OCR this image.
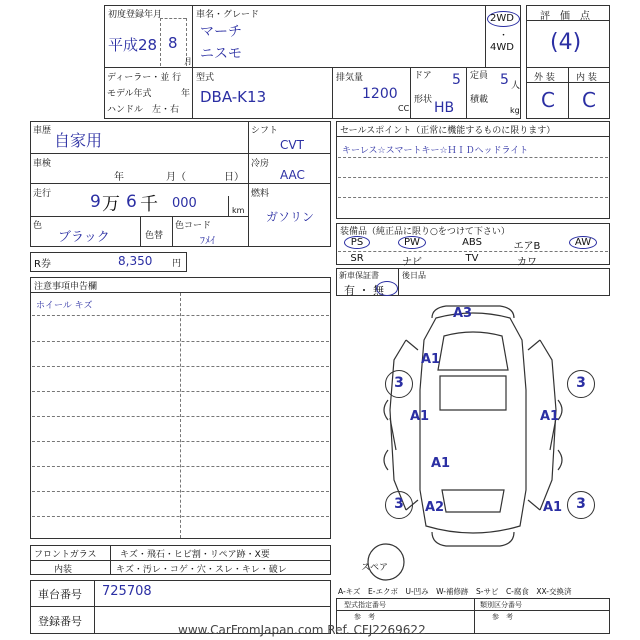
初度登録年月
平成28 8
月
車名・グレード
マーチ
ニスモ
2WD
・
4WD
ディーラー・並 行
モデル年式	年
ハンドル　左・右
型式
DBA-K13
排気量
1200
CC
ドア 5
形状 HB
定員 5 人
積載
kg
評　価　点
(4)
外 装 内 装
C C
車歴 自家用
車検
年	月（	日）
走行 9 万 6 千 000	km
色
ブラック	色替
色コード
ﾌﾒｲ
シフト
CVT
冷房
AAC
燃料
ガソリン
R券	8,350 円
セールスポイント（正常に機能するものに限ります）
キーレス☆スマートキー☆ＨＩＤヘッドライト
装備品（純正品に限り○をつけて下さい）
PS	PW	ABS	エアB	AW
SR	ナビ	TV	カワ
新車保証書
有 ・ 無
後日品
注意事項申告欄
ホイール キズ	A3
A1
A1	A1
A1
A2	A1
3	3
3	3
スペア
フロントガラス	キズ・飛石・ヒビ割・リペア跡・X要
内装	キズ・汚レ・コゲ・穴・スレ・キレ・破レ
車台番号 725708
登録番号
A-キズ　E-エクボ　U-凹み　W-補修跡　S-サビ　C-腐食　XX-交換済
型式指定番号	類別区分番号
参　考	参　考
www.CarFromJapan.com Ref. CFJ2269622
